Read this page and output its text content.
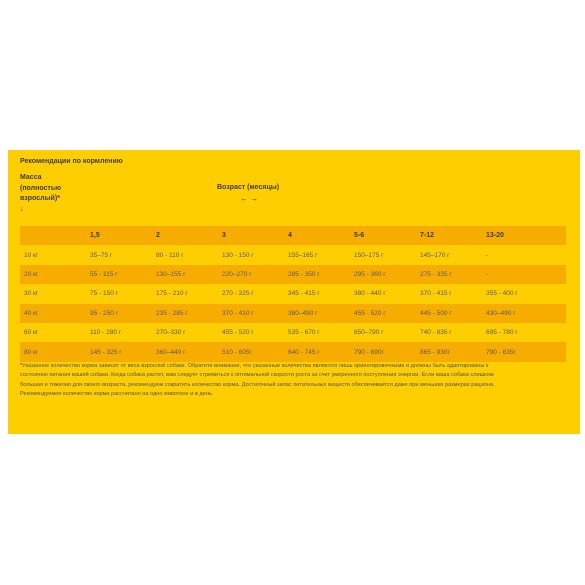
Рекомендации по кормлению
Масса
(полностью
взрослый)*
↓
Возраст (месяцы)
← →
	1,5	2	3	4	5-6	7-12	13-20
10 кг	35–75 г	80 - 110 г	130 - 150 г	155–165 г	150–175 г	145–170 г	-
20 кг	55 - 115 г	130–155 г	220–270 г	285 - 350 г	295 - 360 г	275 - 335 г	-
30 кг	75 - 150 г	175 - 210 г	270 - 325 г	345 - 415 г	380 - 440 г	370 - 415 г	355 - 400 г
40 кг	95 - 250 г	235 - 285 г	370 - 410 г	380–490 г	455 - 520 г	445 - 500 г	430–490 г
60 кг	110 - 280 г	270–330 г	455 - 520 г	535 - 670 г	650–790 г	740 - 835 г	695 - 780 г
80 кг	145 - 325 г	360–440 г	510 - 605г	640 - 745 г	790 - 890г	865 - 930г	790 - 835г
*Указанное количество корма зависит от веса взрослой собаки. Обратите внимание, что указанные количества являются лишь ориентировочными и должны быть адаптированы к
состоянию питания вашей собаки. Когда собака растет, вам следует стремиться к оптимальной скорости роста за счет умеренного поступления энергии. Если ваша собака слишком
большая и тяжелая для своего возраста, рекомендуем сократить количество корма. Достаточный запас питательных веществ обеспечивается даже при меньших размерах рациона.
Рекомендуемое количество корма рассчитано на одно животное и в день.
